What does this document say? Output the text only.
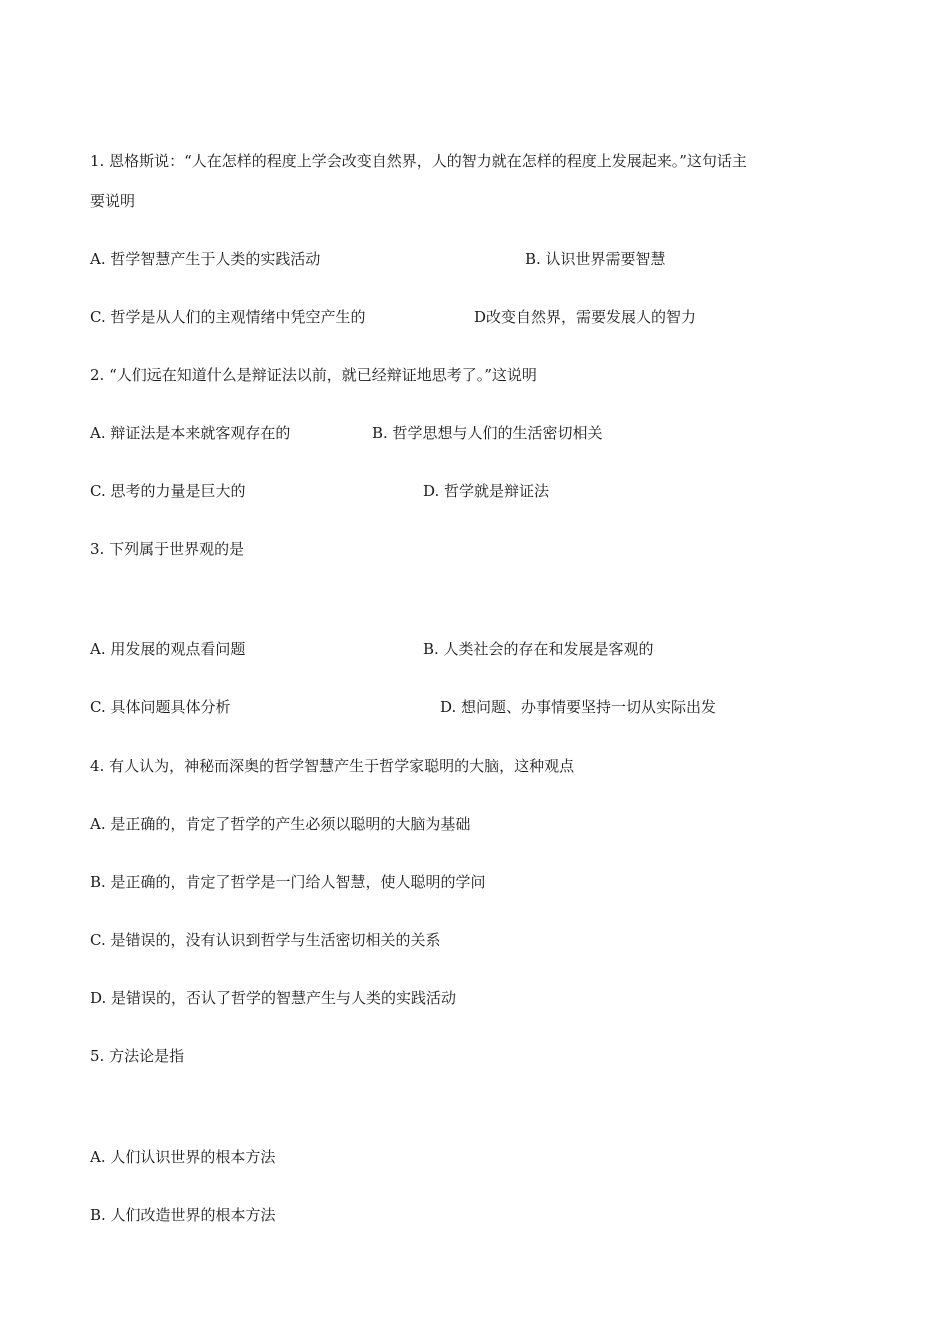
1. 恩格斯说：“人在怎样的程度上学会改变自然界，人的智力就在怎样的程度上发展起来。”这句话主
要说明
A. 哲学智慧产生于人类的实践活动	B. 认识世界需要智慧
C. 哲学是从人们的主观情绪中凭空产生的	D改变自然界，需要发展人的智力
2. “人们远在知道什么是辩证法以前，就已经辩证地思考了。”这说明
A. 辩证法是本来就客观存在的	B. 哲学思想与人们的生活密切相关
C. 思考的力量是巨大的	D. 哲学就是辩证法
3. 下列属于世界观的是
A. 用发展的观点看问题	B. 人类社会的存在和发展是客观的
C. 具体问题具体分析	D. 想问题、办事情要坚持一切从实际出发
4. 有人认为，神秘而深奥的哲学智慧产生于哲学家聪明的大脑，这种观点
A. 是正确的，肯定了哲学的产生必须以聪明的大脑为基础
B. 是正确的，肯定了哲学是一门给人智慧，使人聪明的学问
C. 是错误的，没有认识到哲学与生活密切相关的关系
D. 是错误的，否认了哲学的智慧产生与人类的实践活动
5. 方法论是指
A. 人们认识世界的根本方法
B. 人们改造世界的根本方法
